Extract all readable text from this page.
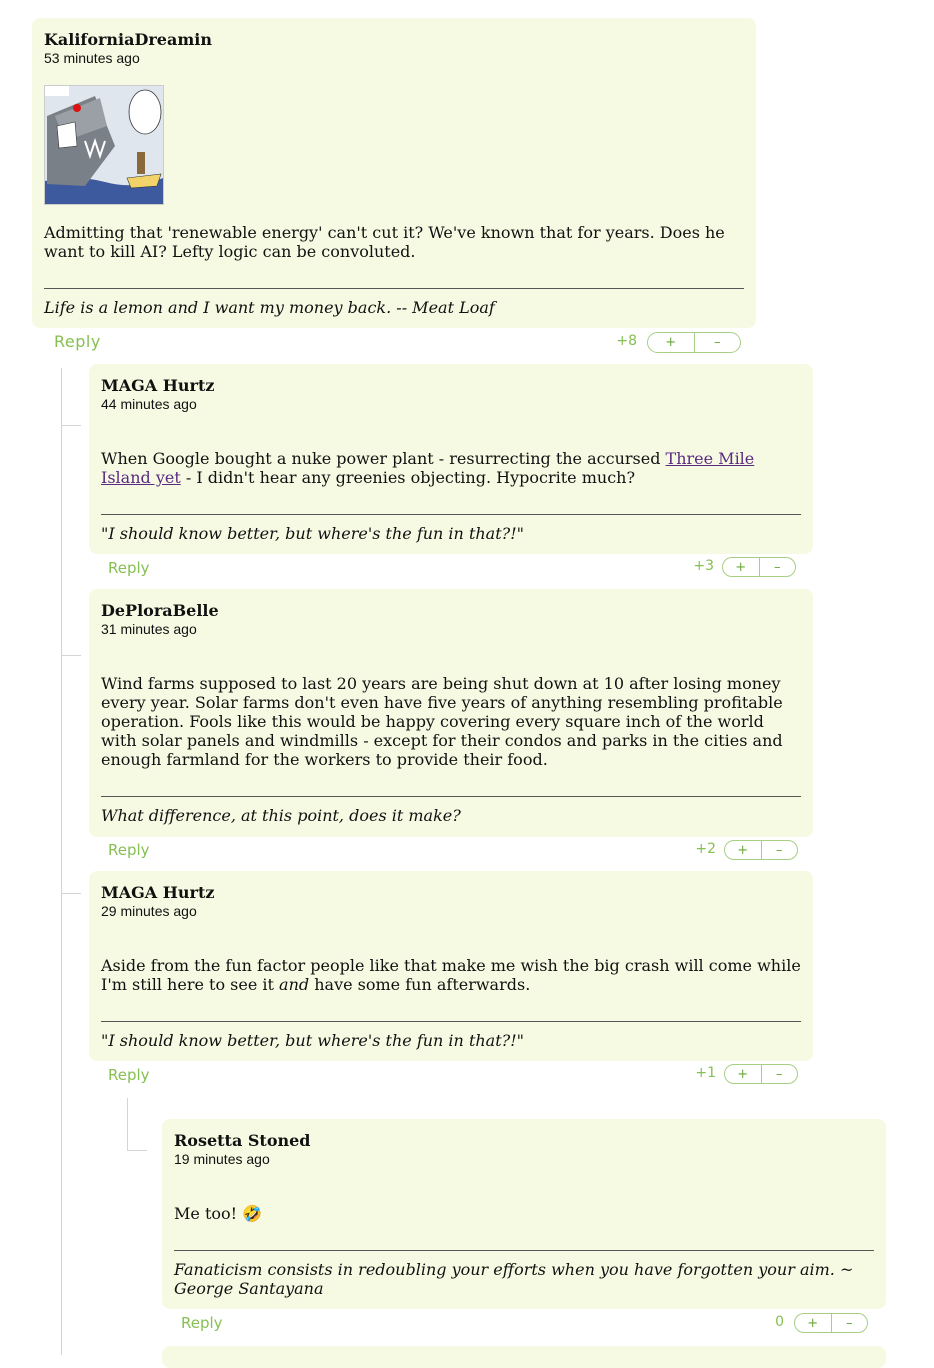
KaliforniaDreamin
53 minutes ago
Admitting that 'renewable energy' can't cut it? We've known that for years. Does he want to kill AI? Lefty logic can be convoluted.
Life is a lemon and I want my money back. -- Meat Loaf
Reply	+8	+	–
MAGA Hurtz
44 minutes ago
When Google bought a nuke power plant - resurrecting the accursed Three Mile Island yet - I didn't hear any greenies objecting. Hypocrite much?
"I should know better, but where's the fun in that?!"
Reply	+3	+	–
DePloraBelle
31 minutes ago
Wind farms supposed to last 20 years are being shut down at 10 after losing money every year. Solar farms don't even have five years of anything resembling profitable operation. Fools like this would be happy covering every square inch of the world with solar panels and windmills - except for their condos and parks in the cities and enough farmland for the workers to provide their food.
What difference, at this point, does it make?
Reply	+2	+	–
MAGA Hurtz
29 minutes ago
Aside from the fun factor people like that make me wish the big crash will come while I'm still here to see it and have some fun afterwards.
"I should know better, but where's the fun in that?!"
Reply	+1	+	–
Rosetta Stoned
19 minutes ago
Me too! 🤣
Fanaticism consists in redoubling your efforts when you have forgotten your aim. ~ George Santayana
Reply	0	+	–
